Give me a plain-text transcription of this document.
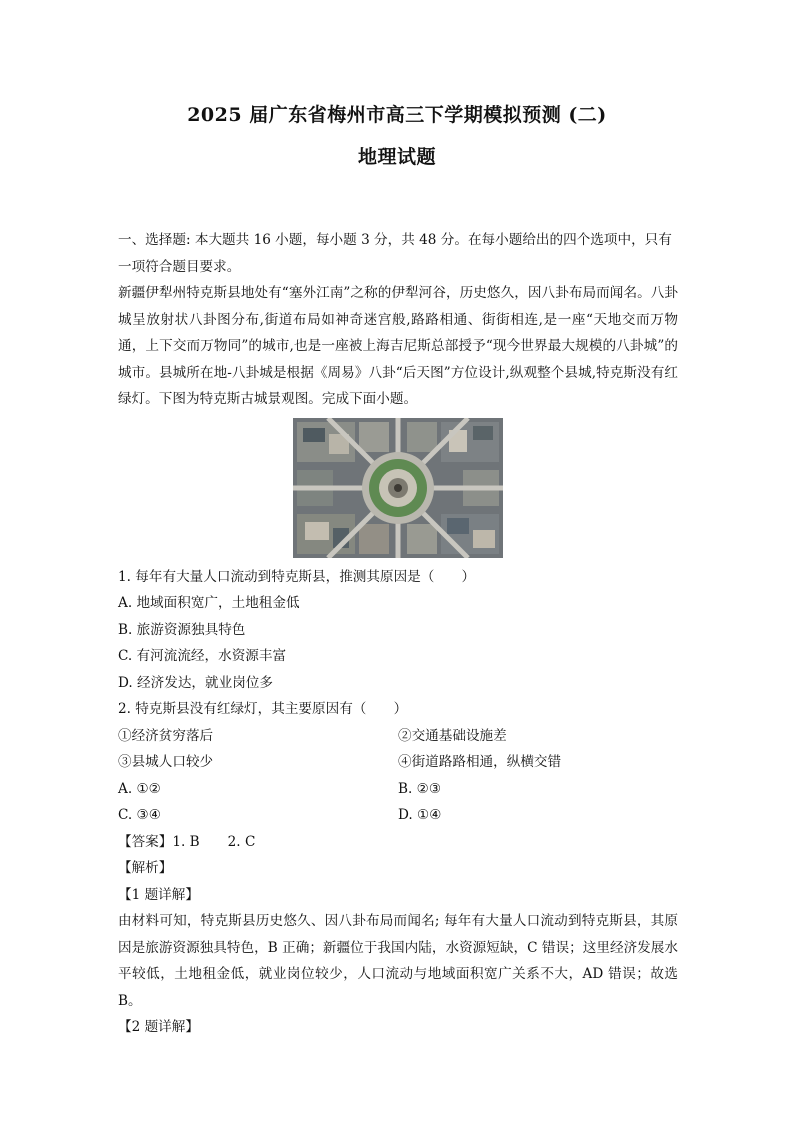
2025 届广东省梅州市高三下学期模拟预测 (二)
地理试题

一、选择题: 本大题共 16 小题，每小题 3 分，共 48 分。在每小题给出的四个选项中，只有

一项符合题目要求。

新疆伊犁州特克斯县地处有“塞外江南”之称的伊犁河谷，历史悠久，因八卦布局而闻名。八卦城呈放射状八卦图分布,街道布局如神奇迷宫般,路路相通、街街相连,是一座“天地交而万物通，上下交而万物同”的城市,也是一座被上海吉尼斯总部授予“现今世界最大规模的八卦城”的城市。县城所在地-八卦城是根据《周易》八卦“后天图”方位设计,纵观整个县城,特克斯没有红绿灯。下图为特克斯古城景观图。完成下面小题。

1. 每年有大量人口流动到特克斯县，推测其原因是（　　）

A. 地域面积宽广，土地租金低

B. 旅游资源独具特色

C. 有河流流经，水资源丰富

D. 经济发达，就业岗位多

2. 特克斯县没有红绿灯，其主要原因有（　　）

①经济贫穷落后	②交通基础设施差
③县城人口较少	④街道路路相通，纵横交错
A. ①②	B. ②③
C. ③④	D. ①④

【答案】 1. B 2. C

【解析】

【1 题详解】

由材料可知，特克斯县历史悠久、因八卦布局而闻名; 每年有大量人口流动到特克斯县，其原因是旅游资源独具特色，B 正确；新疆位于我国内陆，水资源短缺，C 错误；这里经济发展水平较低，土地租金低，就业岗位较少，人口流动与地域面积宽广关系不大，AD 错误；故选 B。

【2 题详解】
